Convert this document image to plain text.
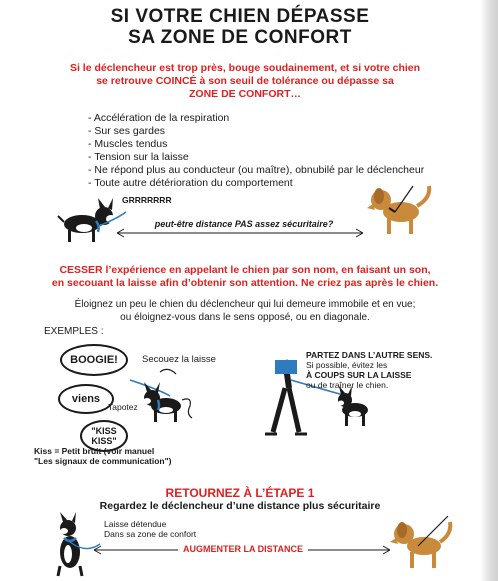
SI VOTRE CHIEN DÉPASSE
SA ZONE DE CONFORT
Si le déclencheur est trop près, bouge soudainement, et si votre chien
se retrouve COINCÉ à son seuil de tolérance ou dépasse sa
ZONE DE CONFORT…
- Accélération de la respiration
- Sur ses gardes
- Muscles tendus
- Tension sur la laisse
- Ne répond plus au conducteur (ou maître), obnubilé par le déclencheur
- Toute autre détérioration du comportement
GRRRRRRR
peut-être distance PAS assez sécuritaire?
CESSER l’expérience en appelant le chien par son nom, en faisant un son,
en secouant la laisse afin d’obtenir son attention. Ne criez pas après le chien.
Éloignez un peu le chien du déclencheur qui lui demeure immobile et en vue;
ou éloignez-vous dans le sens opposé, ou en diagonale.
EXEMPLES :
BOOGIE!
viens
"KISS KISS"
Secouez la laisse
Tapotez
Kiss = Petit bruit (voir manuel
"Les signaux de communication")
PARTEZ DANS L’AUTRE SENS.
Si possible, évitez les
À COUPS SUR LA LAISSE
ou de traîner le chien.
RETOURNEZ À L’ÉTAPE 1
Regardez le déclencheur d’une distance plus sécuritaire
Laisse détendue
Dans sa zone de confort
AUGMENTER LA DISTANCE
